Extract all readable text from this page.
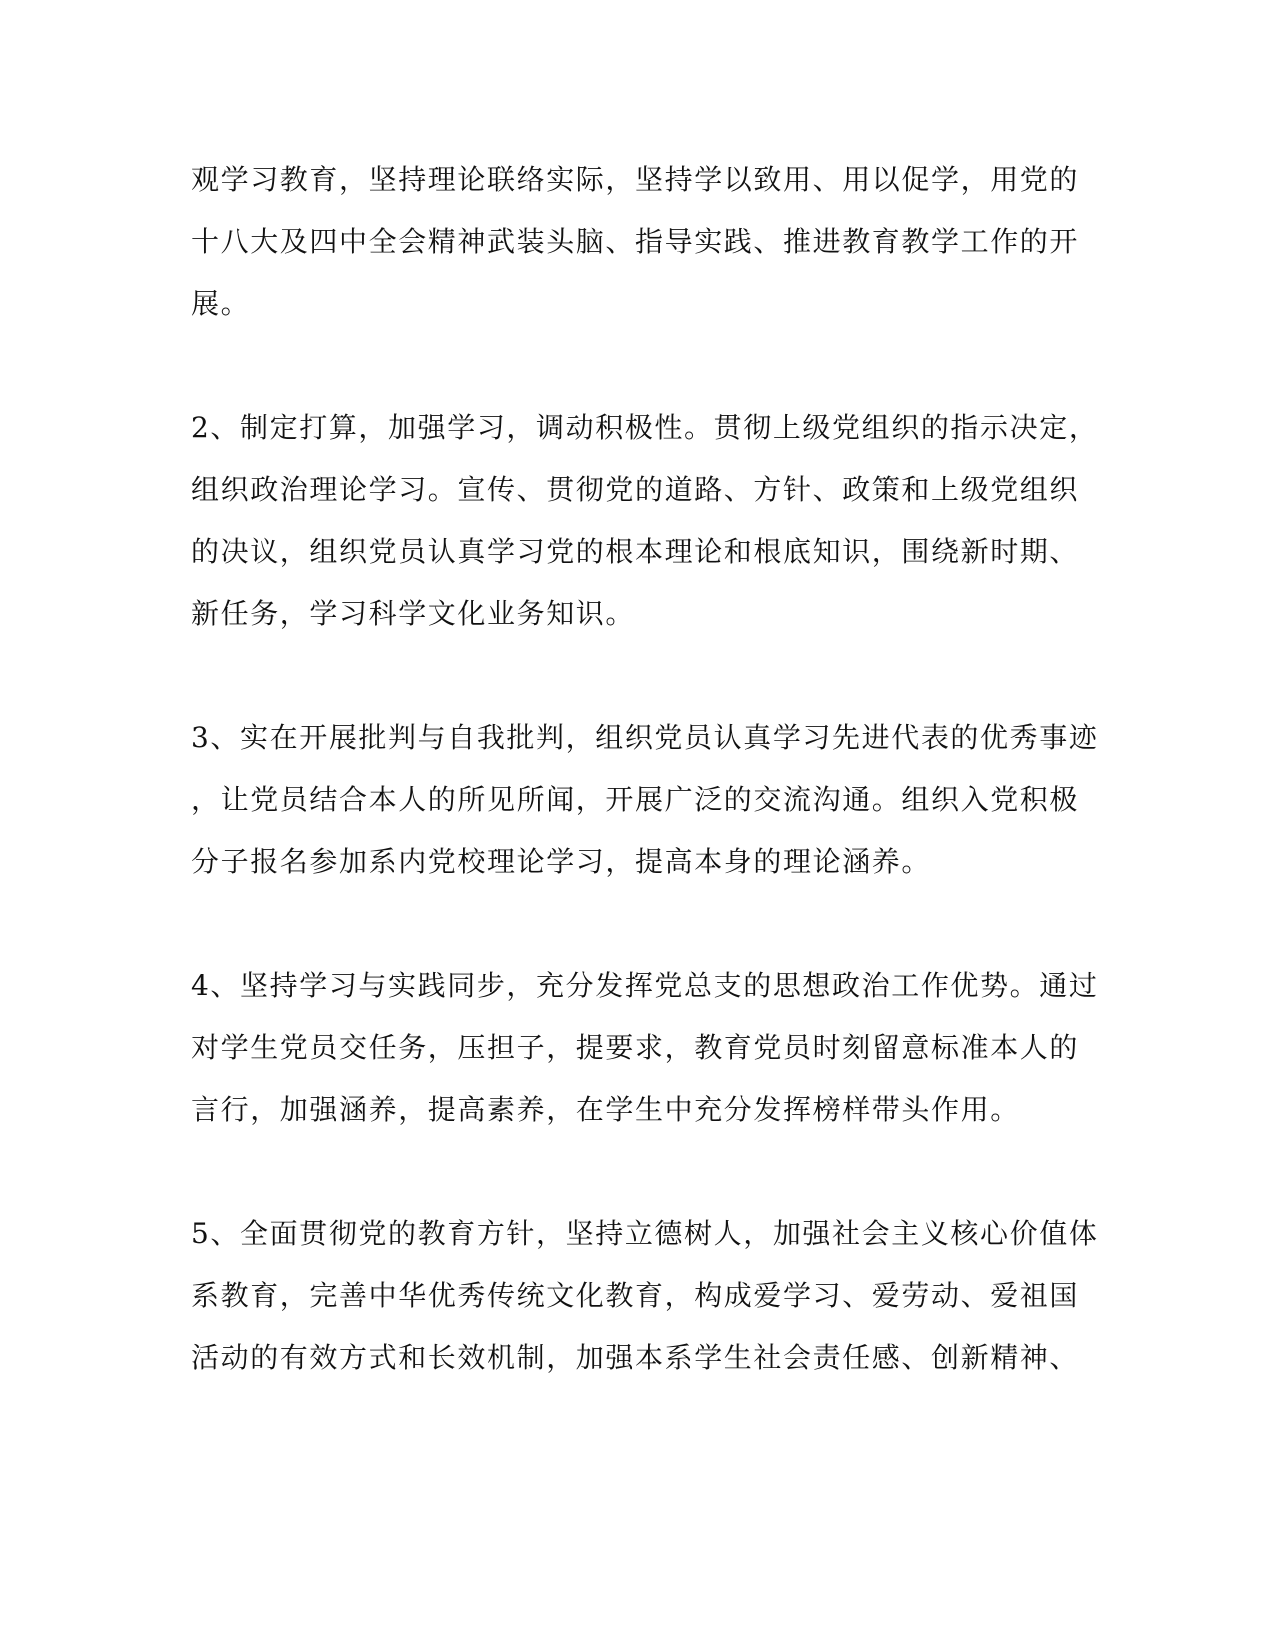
观学习教育，坚持理论联络实际，坚持学以致用、用以促学，用党的
十八大及四中全会精神武装头脑、指导实践、推进教育教学工作的开
展。
2、制定打算，加强学习，调动积极性。贯彻上级党组织的指示决定，
组织政治理论学习。宣传、贯彻党的道路、方针、政策和上级党组织
的决议，组织党员认真学习党的根本理论和根底知识，围绕新时期、
新任务，学习科学文化业务知识。
3、实在开展批判与自我批判，组织党员认真学习先进代表的优秀事迹
，让党员结合本人的所见所闻，开展广泛的交流沟通。组织入党积极
分子报名参加系内党校理论学习，提高本身的理论涵养。
4、坚持学习与实践同步，充分发挥党总支的思想政治工作优势。通过
对学生党员交任务，压担子，提要求，教育党员时刻留意标准本人的
言行，加强涵养，提高素养，在学生中充分发挥榜样带头作用。
5、全面贯彻党的教育方针，坚持立德树人，加强社会主义核心价值体
系教育，完善中华优秀传统文化教育，构成爱学习、爱劳动、爱祖国
活动的有效方式和长效机制，加强本系学生社会责任感、创新精神、
